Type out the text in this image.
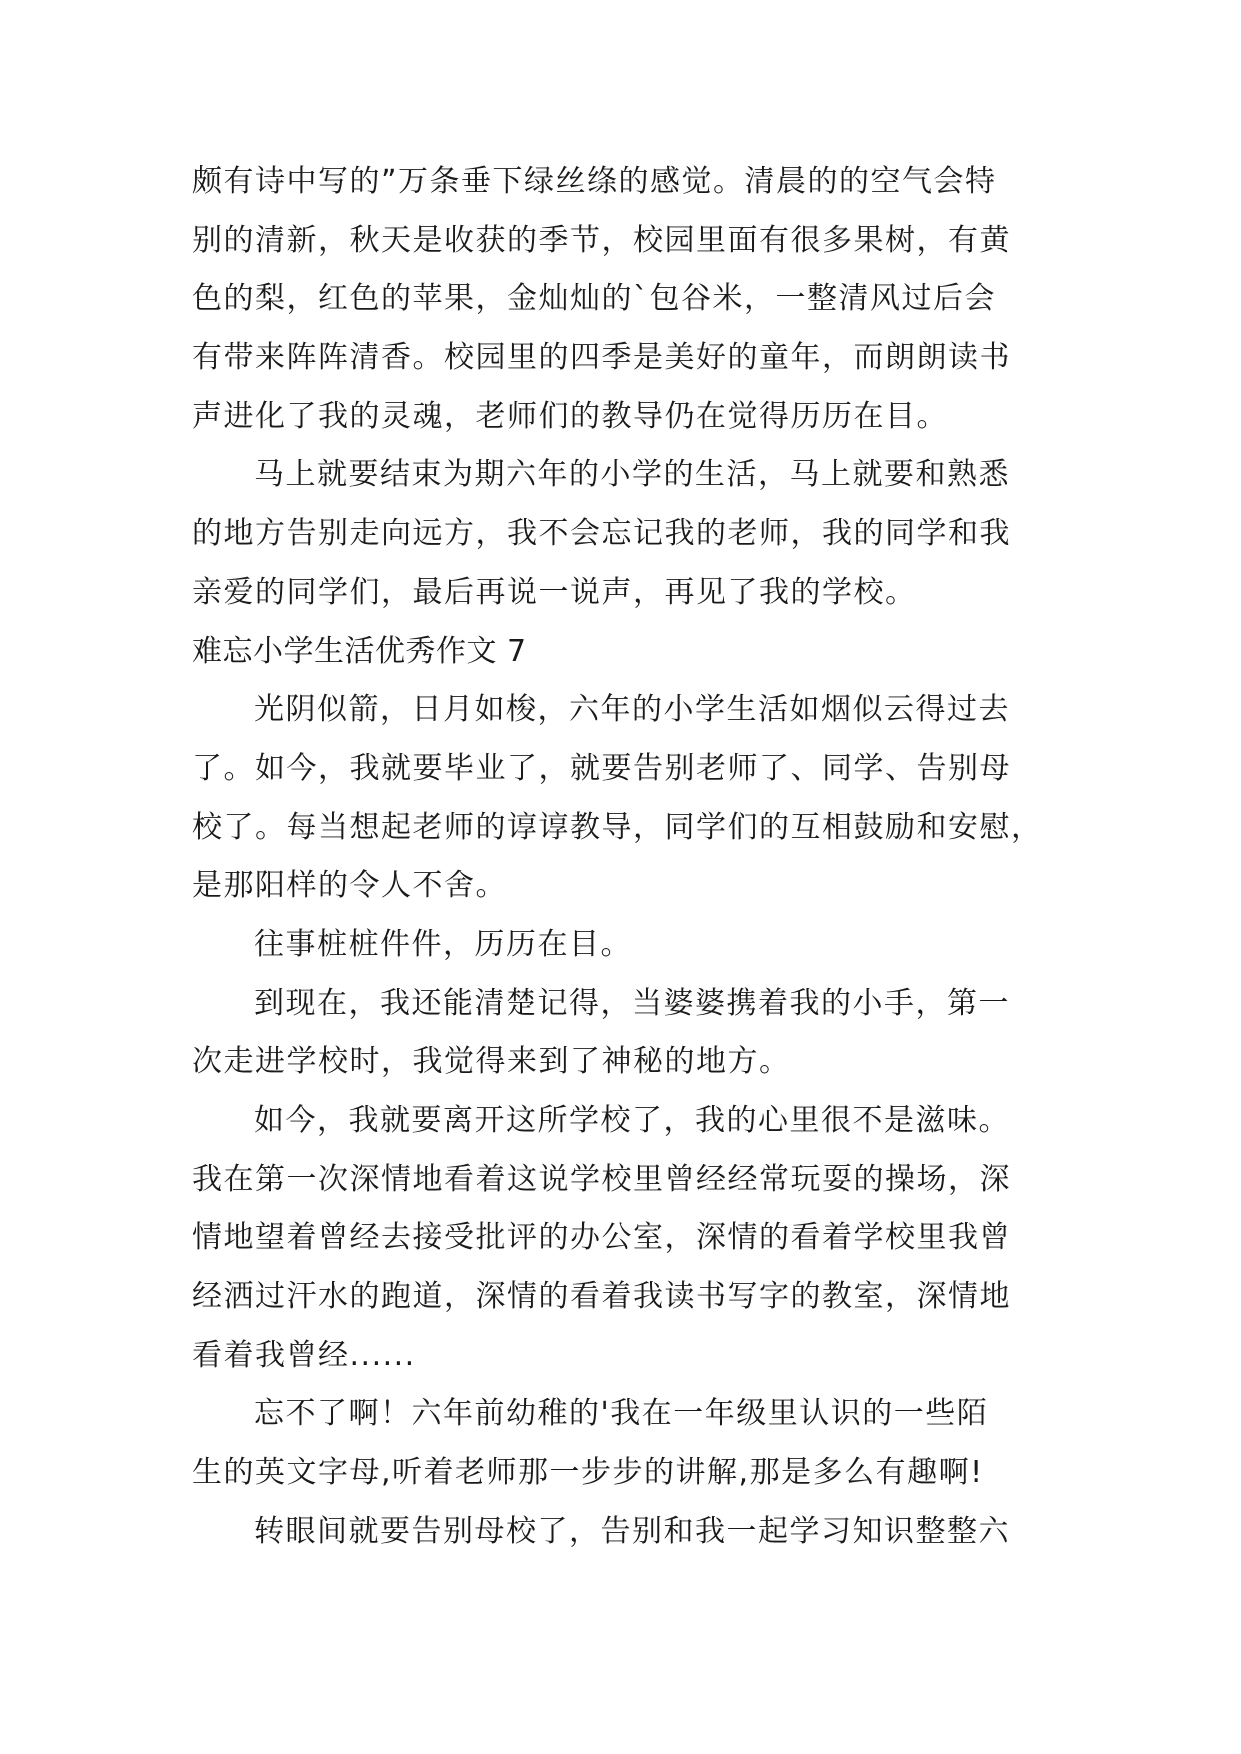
颇有诗中写的”万条垂下绿丝绦的感觉。清晨的的空气会特
别的清新，秋天是收获的季节，校园里面有很多果树，有黄
色的梨，红色的苹果，金灿灿的`包谷米，一整清风过后会
有带来阵阵清香。校园里的四季是美好的童年，而朗朗读书
声进化了我的灵魂，老师们的教导仍在觉得历历在目。
马上就要结束为期六年的小学的生活，马上就要和熟悉
的地方告别走向远方，我不会忘记我的老师，我的同学和我
亲爱的同学们，最后再说一说声，再见了我的学校。
难忘小学生活优秀作文 7
光阴似箭，日月如梭，六年的小学生活如烟似云得过去
了。如今，我就要毕业了，就要告别老师了、同学、告别母
校了。每当想起老师的谆谆教导，同学们的互相鼓励和安慰，
是那阳样的令人不舍。
往事桩桩件件，历历在目。
到现在，我还能清楚记得，当婆婆携着我的小手，第一
次走进学校时，我觉得来到了神秘的地方。
如今，我就要离开这所学校了，我的心里很不是滋味。
我在第一次深情地看着这说学校里曾经经常玩耍的操场，深
情地望着曾经去接受批评的办公室，深情的看着学校里我曾
经洒过汗水的跑道，深情的看着我读书写字的教室，深情地
看着我曾经......
忘不了啊！六年前幼稚的'我在一年级里认识的一些陌
生的英文字母,听着老师那一步步的讲解,那是多么有趣啊!
转眼间就要告别母校了，告别和我一起学习知识整整六
